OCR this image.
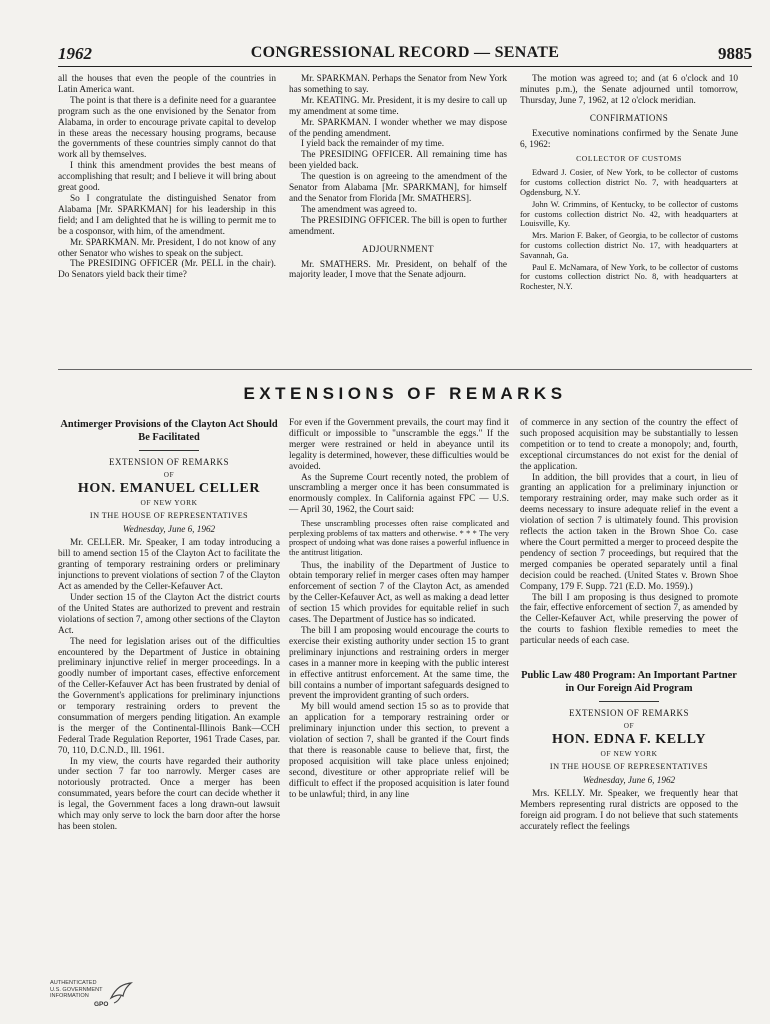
1962	CONGRESSIONAL RECORD — SENATE	9885

all the houses that even the people of the countries in Latin America want.

The point is that there is a definite need for a guarantee program such as the one envisioned by the Senator from Alabama, in order to encourage private capital to develop in these areas the necessary housing programs, because the governments of these countries simply cannot do that work all by themselves.

I think this amendment provides the best means of accomplishing that result; and I believe it will bring about great good.

So I congratulate the distinguished Senator from Alabama [Mr. SPARKMAN] for his leadership in this field; and I am delighted that he is willing to permit me to be a cosponsor, with him, of the amendment.

Mr. SPARKMAN. Mr. President, I do not know of any other Senator who wishes to speak on the subject.

The PRESIDING OFFICER (Mr. PELL in the chair). Do Senators yield back their time?

Mr. SPARKMAN. Perhaps the Senator from New York has something to say.

Mr. KEATING. Mr. President, it is my desire to call up my amendment at some time.

Mr. SPARKMAN. I wonder whether we may dispose of the pending amendment.

I yield back the remainder of my time.

The PRESIDING OFFICER. All remaining time has been yielded back.

The question is on agreeing to the amendment of the Senator from Alabama [Mr. SPARKMAN], for himself and the Senator from Florida [Mr. SMATHERS].

The amendment was agreed to.

The PRESIDING OFFICER. The bill is open to further amendment.

ADJOURNMENT

Mr. SMATHERS. Mr. President, on behalf of the majority leader, I move that the Senate adjourn.

The motion was agreed to; and (at 6 o'clock and 10 minutes p.m.), the Senate adjourned until tomorrow, Thursday, June 7, 1962, at 12 o'clock meridian.

CONFIRMATIONS

Executive nominations confirmed by the Senate June 6, 1962:

COLLECTOR OF CUSTOMS

Edward J. Cosier, of New York, to be collector of customs for customs collection district No. 7, with headquarters at Ogdensburg, N.Y.

John W. Crimmins, of Kentucky, to be collector of customs for customs collection district No. 42, with headquarters at Louisville, Ky.

Mrs. Marion F. Baker, of Georgia, to be collector of customs for customs collection district No. 17, with headquarters at Savannah, Ga.

Paul E. McNamara, of New York, to be collector of customs for customs collection district No. 8, with headquarters at Rochester, N.Y.

EXTENSIONS OF REMARKS
Antimerger Provisions of the Clayton Act Should Be Facilitated
EXTENSION OF REMARKS
OF
HON. EMANUEL CELLER
OF NEW YORK
IN THE HOUSE OF REPRESENTATIVES
Wednesday, June 6, 1962

Mr. CELLER. Mr. Speaker, I am today introducing a bill to amend section 15 of the Clayton Act to facilitate the granting of temporary restraining orders or preliminary injunctions to prevent violations of section 7 of the Clayton Act as amended by the Celler-Kefauver Act.

Under section 15 of the Clayton Act the district courts of the United States are authorized to prevent and restrain violations of section 7, among other sections of the Clayton Act.

The need for legislation arises out of the difficulties encountered by the Department of Justice in obtaining preliminary injunctive relief in merger proceedings. In a goodly number of important cases, effective enforcement of the Celler-Kefauver Act has been frustrated by denial of the Government's applications for preliminary injunctions or temporary restraining orders to prevent the consummation of mergers pending litigation. An example is the merger of the Continental-Illinois Bank—CCH Federal Trade Regulation Reporter, 1961 Trade Cases, par. 70, 110, D.C.N.D., Ill. 1961.

In my view, the courts have regarded their authority under section 7 far too narrowly. Merger cases are notoriously protracted. Once a merger has been consummated, years before the court can decide whether it is legal, the Government faces a long drawn-out lawsuit which may only serve to lock the barn door after the horse has been stolen.

For even if the Government prevails, the court may find it difficult or impossible to "unscramble the eggs." If the merger were restrained or held in abeyance until its legality is determined, however, these difficulties would be avoided.

As the Supreme Court recently noted, the problem of unscrambling a merger once it has been consummated is enormously complex. In California against FPC — U.S. — April 30, 1962, the Court said:

These unscrambling processes often raise complicated and perplexing problems of tax matters and otherwise. * * * The very prospect of undoing what was done raises a powerful influence in the antitrust litigation.

Thus, the inability of the Department of Justice to obtain temporary relief in merger cases often may hamper enforcement of section 7 of the Clayton Act, as amended by the Celler-Kefauver Act, as well as making a dead letter of section 15 which provides for equitable relief in such cases. The Department of Justice has so indicated.

The bill I am proposing would encourage the courts to exercise their existing authority under section 15 to grant preliminary injunctions and restraining orders in merger cases in a manner more in keeping with the public interest in effective antitrust enforcement. At the same time, the bill contains a number of important safeguards designed to prevent the improvident granting of such orders.

My bill would amend section 15 so as to provide that an application for a temporary restraining order or preliminary injunction under this section, to prevent a violation of section 7, shall be granted if the Court finds that there is reasonable cause to believe that, first, the proposed acquisition will take place unless enjoined; second, divestiture or other appropriate relief will be difficult to effect if the proposed acquisition is later found to be unlawful; third, in any line

of commerce in any section of the country the effect of such proposed acquisition may be substantially to lessen competition or to tend to create a monopoly; and, fourth, exceptional circumstances do not exist for the denial of the application.

In addition, the bill provides that a court, in lieu of granting an application for a preliminary injunction or temporary restraining order, may make such order as it deems necessary to insure adequate relief in the event a violation of section 7 is ultimately found. This provision reflects the action taken in the Brown Shoe Co. case where the Court permitted a merger to proceed despite the pendency of section 7 proceedings, but required that the merged companies be operated separately until a final decision could be reached. (United States v. Brown Shoe Company, 179 F. Supp. 721 (E.D. Mo. 1959).)

The bill I am proposing is thus designed to promote the fair, effective enforcement of section 7, as amended by the Celler-Kefauver Act, while preserving the power of the courts to fashion flexible remedies to meet the particular needs of each case.

Public Law 480 Program: An Important Partner in Our Foreign Aid Program
EXTENSION OF REMARKS
OF
HON. EDNA F. KELLY
OF NEW YORK
IN THE HOUSE OF REPRESENTATIVES
Wednesday, June 6, 1962

Mrs. KELLY. Mr. Speaker, we frequently hear that Members representing rural districts are opposed to the foreign aid program. I do not believe that such statements accurately reflect the feelings

AUTHENTICATED
U.S. GOVERNMENT
INFORMATION
GPO
